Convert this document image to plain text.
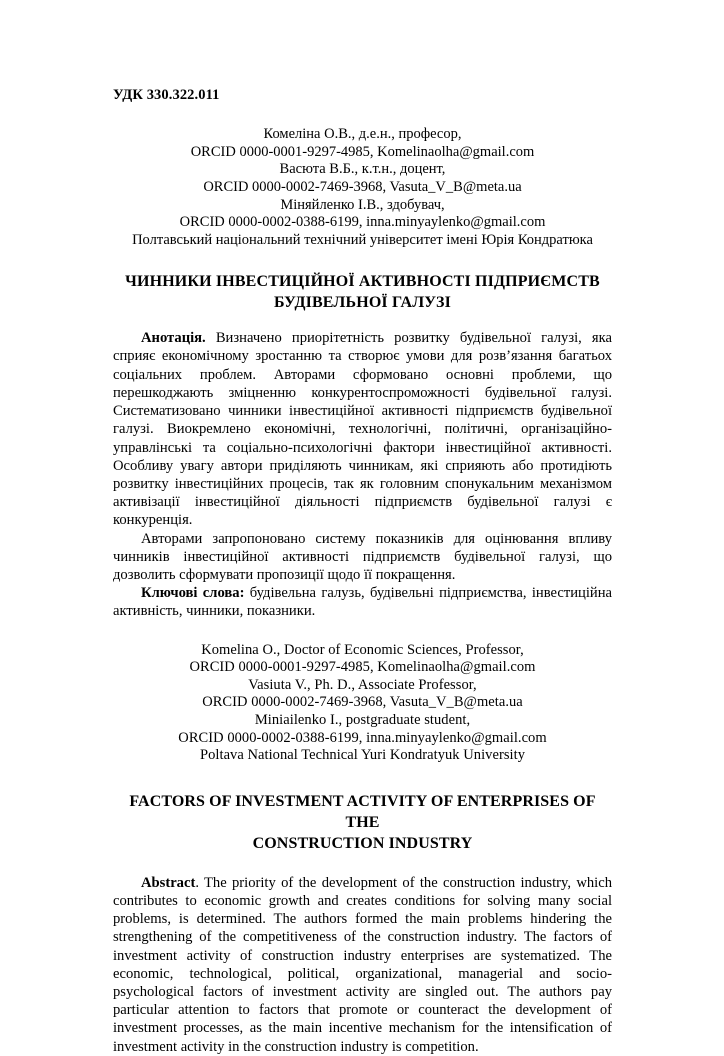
УДК 330.322.011

Комеліна О.В., д.е.н., професор,
ORCID 0000-0001-9297-4985, Komelinaolha@gmail.com
Васюта В.Б., к.т.н., доцент,
ORCID 0000-0002-7469-3968, Vasuta_V_B@meta.ua
Міняйленко І.В., здобувач,
ORCID 0000-0002-0388-6199, inna.minyaylenko@gmail.com
Полтавський національний технічний університет імені Юрія Кондратюка
ЧИННИКИ ІНВЕСТИЦІЙНОЇ АКТИВНОСТІ ПІДПРИЄМСТВ
БУДІВЕЛЬНОЇ ГАЛУЗІ

Анотація. Визначено приорітетність розвитку будівельної галузі, яка сприяє економічному зростанню та створює умови для розв’язання багатьох соціальних проблем. Авторами сформовано основні проблеми, що перешкоджають зміцненню конкурентоспроможності будівельної галузі. Систематизовано чинники інвестиційної активності підприємств будівельної галузі. Виокремлено економічні, технологічні, політичні, організаційно-управлінські та соціально-психологічні фактори інвестиційної активності. Особливу увагу автори приділяють чинникам, які сприяють або протидіють розвитку інвестиційних процесів, так як головним спонукальним механізмом активізації інвестиційної діяльності підприємств будівельної галузі є конкуренція.

Авторами запропоновано систему показників для оцінювання впливу чинників інвестиційної активності підприємств будівельної галузі, що дозволить сформувати пропозиції щодо її покращення.

Ключові слова: будівельна галузь, будівельні підприємства, інвестиційна активність, чинники, показники.

Komelina O., Doctor of Economic Sciences, Professor,
ORCID 0000-0001-9297-4985, Komelinaolha@gmail.com
Vasiuta V., Ph. D., Associate Professor,
ORCID 0000-0002-7469-3968, Vasuta_V_B@meta.ua
Miniailenko I., postgraduate student,
ORCID 0000-0002-0388-6199, inna.minyaylenko@gmail.com
Poltava National Technical Yuri Kondratyuk University
FACTORS OF INVESTMENT ACTIVITY OF ENTERPRISES OF THE
CONSTRUCTION INDUSTRY

Abstract. The priority of the development of the construction industry, which contributes to economic growth and creates conditions for solving many social problems, is determined. The authors formed the main problems hindering the strengthening of the competitiveness of the construction industry. The factors of investment activity of construction industry enterprises are systematized. The economic, technological, political, organizational, managerial and socio-psychological factors of investment activity are singled out. The authors pay particular attention to factors that promote or counteract the development of investment processes, as the main incentive mechanism for the intensification of investment activity in the construction industry is competition.
